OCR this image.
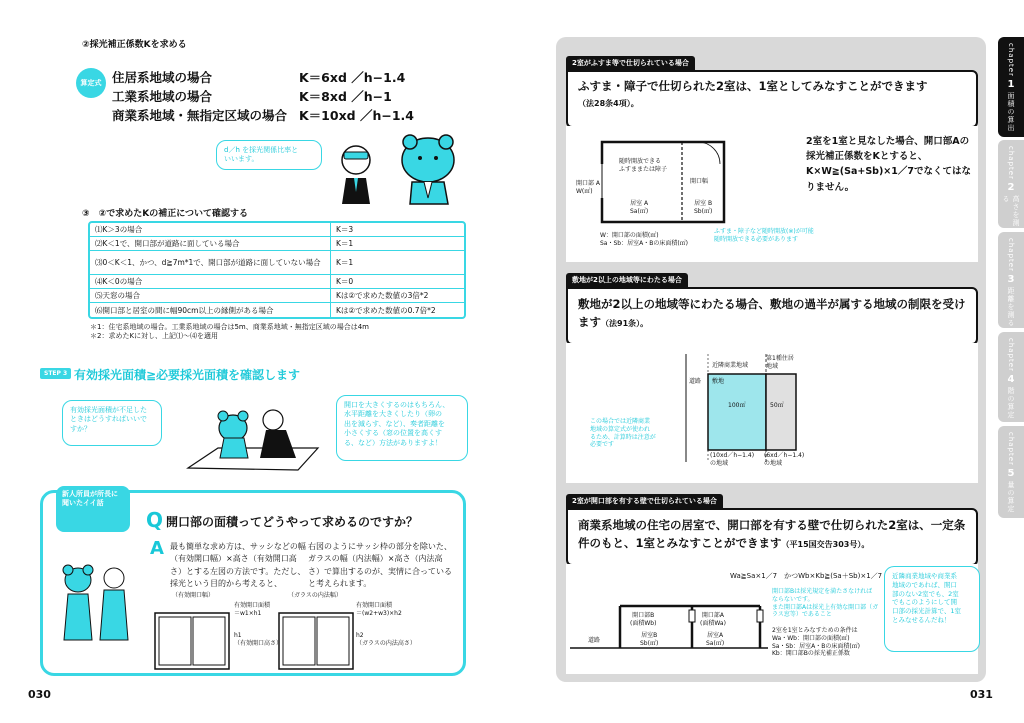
②採光補正係数Kを求める
算定式 住居系地域の場合	K＝6xd ／h−1.4
工業系地域の場合	K＝8xd ／h−1
商業系地域・無指定区域の場合 K＝10xd ／h−1.4
d／h を採光関係比率と
いいます。
③　②で求めたKの補正について確認する
⑴K＞3の場合	K＝3
⑵K＜1で、開口部が道路に面している場合	K＝1
⑶0＜K＜1、かつ、d≧7m*1で、開口部が道路に面していない場合	K＝1
⑷K＜0の場合	K＝0
⑸天窓の場合	Kは②で求めた数値の3倍*2
⑹開口部と居室の間に幅90cm以上の縁側がある場合	Kは②で求めた数値の0.7倍*2
＊1：住宅系地域の場合。工業系地域の場合は5m、商業系地域・無指定区域の場合は4m
＊2：求めたKに対し、上記⑴〜⑷を適用
STEP 3 有効採光面積≧必要採光面積を確認します
有効採光面積が不足した
ときはどうすればいいで
すか？
開口を大きくするのはもちろん、
水平距離を大きくしたり（卵の
出を減らす、など）、奏者距離を
小さくする（窓の位置を高くす
る、など）方法がありますよ！
新人所員が所長に聞いたイイ話
Q 開口部の面積ってどうやって求めるのですか？
A 最も簡単な求め方は、サッシなどの幅（有効開口幅）×高さ（有効開口高さ）とする左図の方法です。ただし、採光という目的から考えると、
右図のようにサッシ枠の部分を除いた、ガラスの幅（内法幅）×高さ（内法高さ）で算出するのが、実情に合っていると考えられます。
（有効開口幅）
有効開口面積
＝w1×h1
h1
（有効開口高さ）
（ガラスの内法幅）
有効開口面積
＝(w2+w3)×h2
h2
（ガラスの内法高さ）
030
2室がふすま等で仕切られている場合
ふすま・障子で仕切られた2室は、1室としてみなすことができます
（法28条4項）。
2室を1室と見なした場合、開口部Aの採光補正係数をKとすると、K×W≧(Sa+Sb)×1／7でなくてはなりません。
随時開放できる
ふすままたは障子
開口部 A
W(㎡)
開口幅
居室 A
Sa(㎡)
居室 B
Sb(㎡)
W：開口部の面積(㎡)
Sa・Sb：居室A・Bの床面積(㎡)
ふすま・障子など随時開放(※)が可能
随時開放できる必要があります
敷地が2以上の地域等にわたる場合
敷地が2以上の地域等にわたる場合、敷地の過半が属する地域の制限を受けます（法91条）。
近隣商業地域
第1種住居
地域
道路 敷地
100㎡	50㎡
この場合では近隣商業
地域の算定式が使われ
るため、計算時は注意が
必要です
(10xd／h−1.4)
の地域
(6xd／h−1.4)
の地域
2室が開口部を有する壁で仕切られている場合
商業系地域の住宅の居室で、開口部を有する壁で仕切られた2室は、一定条件のもと、1室とみなすことができます（平15国交告303号）。
Wa≧Sa×1／7　かつWb×Kb≧(Sa＋Sb)×1／7
開口部Bは採光規定を満たさなければ
ならないです。
また開口部Aは採光上有効な開口部（ガラス窓等）であること
2室を1室とみなすための条件は
Wa・Wb：開口部の面積(㎡)
Sa・Sb：居室A・Bの床面積(㎡)
Kb：開口部Bの採光補正係数
開口部B
(面積Wb)
開口部A
(面積Wa)
居室B
Sb(㎡)
居室A
Sa(㎡)
道路
近隣商業地域や商業系
地域のであれば、開口
部のない2室でも、2室
でもこのようにして開
口部の採光計算で、1室
とみなせるんだね！
031
chapter
1
面積の算出
chapter
2
高さを測る
chapter
3
距離を測る
chapter
4
階の算定
chapter
5
量の算定
